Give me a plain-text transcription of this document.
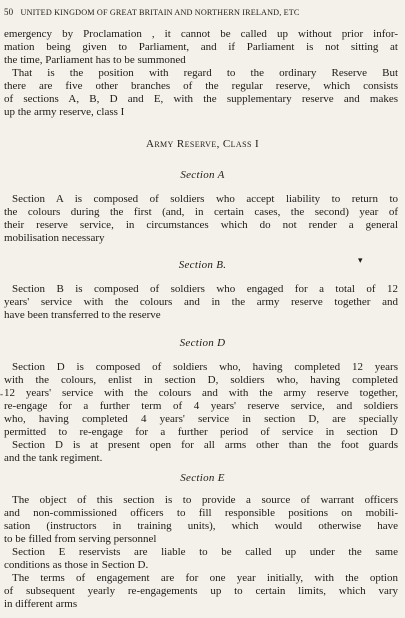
50 UNITED KINGDOM OF GREAT BRITAIN AND NORTHERN IRELAND, ETC
emergency by Proclamation , it cannot be called up without prior infor-
mation being given to Parliament, and if Parliament is not sitting at
the time, Parliament has to be summoned
That is the position with regard to the ordinary Reserve But
there are five other branches of the regular reserve, which consists
of sections A, B, D and E, with the supplementary reserve and makes
up the army reserve, class I
Army Reserve, Class I
Section A
Section A is composed of soldiers who accept liability to return to
the colours during the first (and, in certain cases, the second) year of
their reserve service, in circumstances which do not render a general
mobilisation necessary
Section B.	▾
Section B is composed of soldiers who engaged for a total of 12
years' service with the colours and in the army reserve together and
have been transferred to the reserve
Section D
Section D is composed of soldiers who, having completed 12 years
with the colours, enlist in section D, soldiers who, having completed
12 years' service with the colours and with the army reserve together,
-
re-engage for a further term of 4 years' reserve service, and soldiers
who, having completed 4 years' service in section D, are specially
permitted to re-engage for a further period of service in section D
Section D is at present open for all arms other than the foot guards
and the tank regiment.
Section E
The object of this section is to provide a source of warrant officers
and non-commissioned officers to fill responsible positions on mobili-
sation (instructors in training units), which would otherwise have
to be filled from serving personnel
Section E reservists are liable to be called up under the same
conditions as those in Section D.
The terms of engagement are for one year initially, with the option
of subsequent yearly re-engagements up to certain limits, which vary
in different arms
